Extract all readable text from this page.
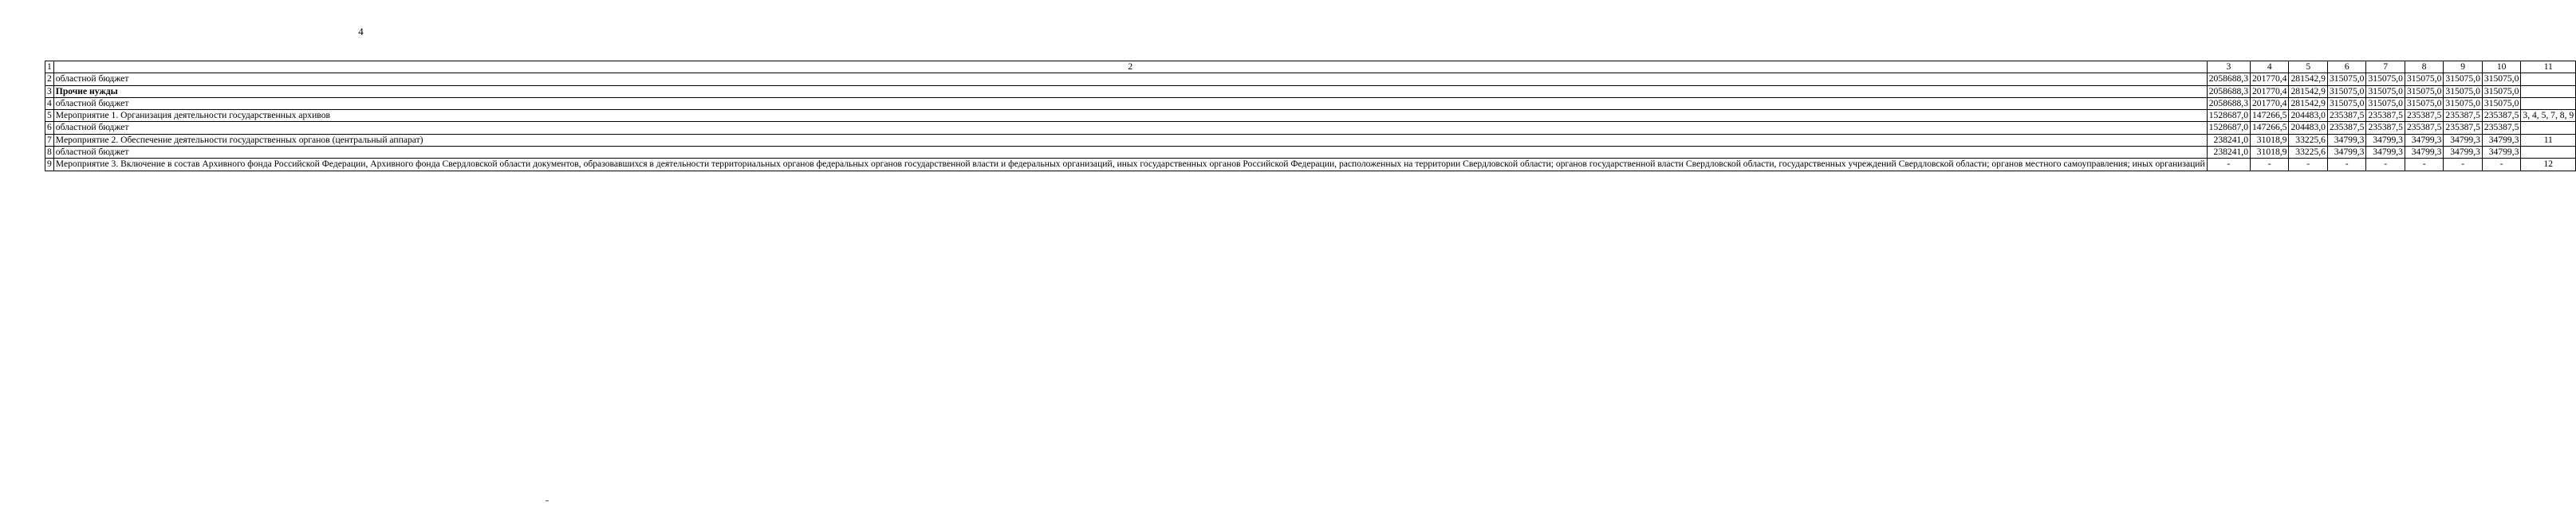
4
1	2	3	4	5	6	7	8	9	10	11
2	областной бюджет	2058688,3	201770,4	281542,9	315075,0	315075,0	315075,0	315075,0	315075,0	
3	Прочие нужды	2058688,3	201770,4	281542,9	315075,0	315075,0	315075,0	315075,0	315075,0	
4	областной бюджет	2058688,3	201770,4	281542,9	315075,0	315075,0	315075,0	315075,0	315075,0	
5	Мероприятие 1. Организация деятельности государственных архивов	1528687,0	147266,5	204483,0	235387,5	235387,5	235387,5	235387,5	235387,5	3, 4, 5, 7, 8, 9
6	областной бюджет	1528687,0	147266,5	204483,0	235387,5	235387,5	235387,5	235387,5	235387,5	
7	Мероприятие 2. Обеспечение деятельности государственных органов (центральный аппарат)	238241,0	31018,9	33225,6	34799,3	34799,3	34799,3	34799,3	34799,3	11
8	областной бюджет	238241,0	31018,9	33225,6	34799,3	34799,3	34799,3	34799,3	34799,3	
9	Мероприятие 3. Включение в состав Архивного фонда Российской Федерации, Архивного фонда Свердловской области документов, образовавшихся в деятельности территориальных органов федеральных органов государственной власти и федеральных организаций, иных государственных органов Российской Федерации, расположенных на территории Свердловской области; органов государственной власти Свердловской области, государственных учреждений Свердловской области; органов местного самоуправления; иных организаций	-	-	-	-	-	-	-	-	12
